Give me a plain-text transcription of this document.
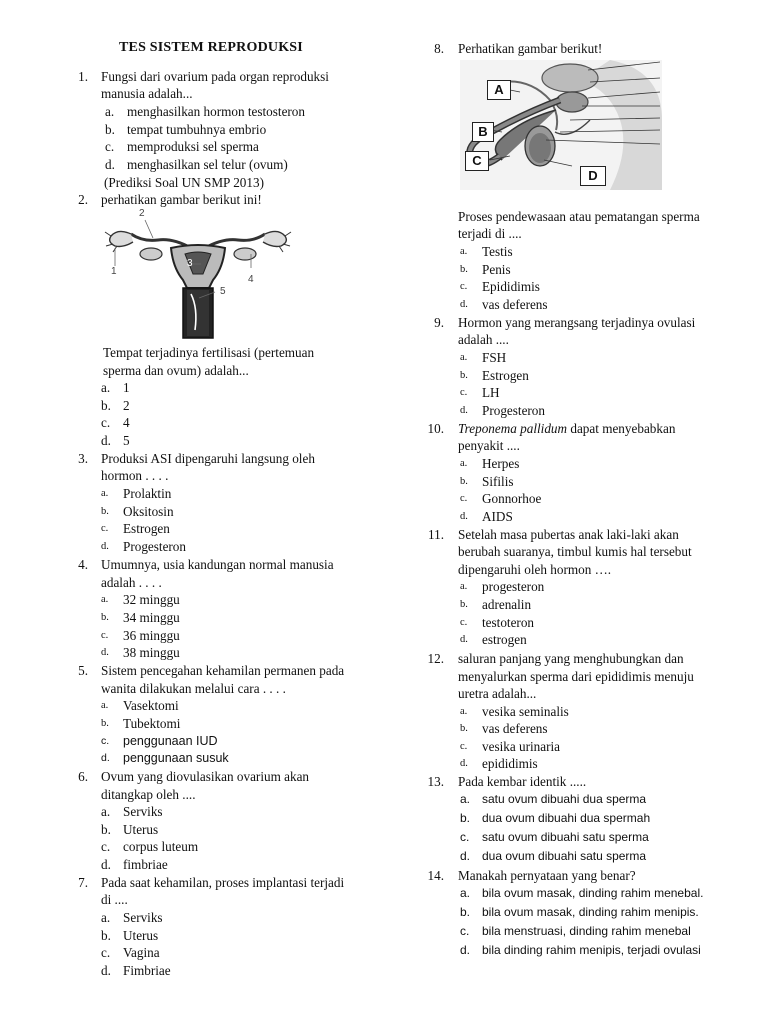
TES SISTEM REPRODUKSI
1. Fungsi dari ovarium pada organ reproduksi
manusia adalah...
a. menghasilkan hormon testosteron
b. tempat tumbuhnya embrio
c. memproduksi sel sperma
d. menghasilkan sel telur (ovum)
(Prediksi Soal UN SMP 2013)
2. perhatikan gambar berikut ini!
2
1
3
4
5
Tempat terjadinya fertilisasi (pertemuan
sperma dan ovum) adalah...
a. 1
b. 2
c. 4
d. 5
3. Produksi ASI dipengaruhi langsung oleh
hormon . . . .
a.	Prolaktin
b.	Oksitosin
c.	Estrogen
d.	Progesteron
4. Umumnya, usia kandungan normal manusia
adalah . . . .
a.	32 minggu
b.	34 minggu
c.	36 minggu
d.	38 minggu
5. Sistem pencegahan kehamilan permanen pada
wanita dilakukan melalui cara . . . .
a.	Vasektomi
b.	Tubektomi
c.	penggunaan IUD
d.	penggunaan susuk
6. Ovum yang diovulasikan ovarium akan
ditangkap oleh ....
a. Serviks
b. Uterus
c. corpus luteum
d. fimbriae
7. Pada saat kehamilan, proses implantasi terjadi
di ....
a. Serviks
b. Uterus
c. Vagina
d. Fimbriae
8. Perhatikan gambar berikut!
A
B
C
D
Proses pendewasaan atau pematangan sperma
terjadi di ....
a.	Testis
b.	Penis
c.	Epididimis
d.	vas deferens
9. Hormon yang merangsang terjadinya ovulasi
adalah ....
a.	FSH
b.	Estrogen
c.	LH
d.	Progesteron
10. Treponema pallidum dapat menyebabkan
penyakit ....
a.	Herpes
b.	Sifilis
c.	Gonnorhoe
d.	AIDS
11. Setelah masa pubertas anak laki-laki akan
berubah suaranya, timbul kumis hal tersebut
dipengaruhi oleh hormon ….
a.	progesteron
b.	adrenalin
c.	testoteron
d.	estrogen
12. saluran panjang yang menghubungkan dan
menyalurkan sperma dari epididimis menuju
uretra adalah...
a.	vesika seminalis
b.	vas deferens
c.	vesika urinaria
d.	epididimis
13. Pada kembar identik .....
a. satu ovum dibuahi dua sperma
b. dua ovum dibuahi dua spermah
c.	satu ovum dibuahi satu sperma
d. dua ovum dibuahi satu sperma
14. Manakah pernyataan yang benar?
a. bila ovum masak, dinding rahim menebal.
b. bila ovum masak, dinding rahim menipis.
c.	bila menstruasi, dinding rahim menebal
d. bila dinding rahim menipis, terjadi ovulasi
